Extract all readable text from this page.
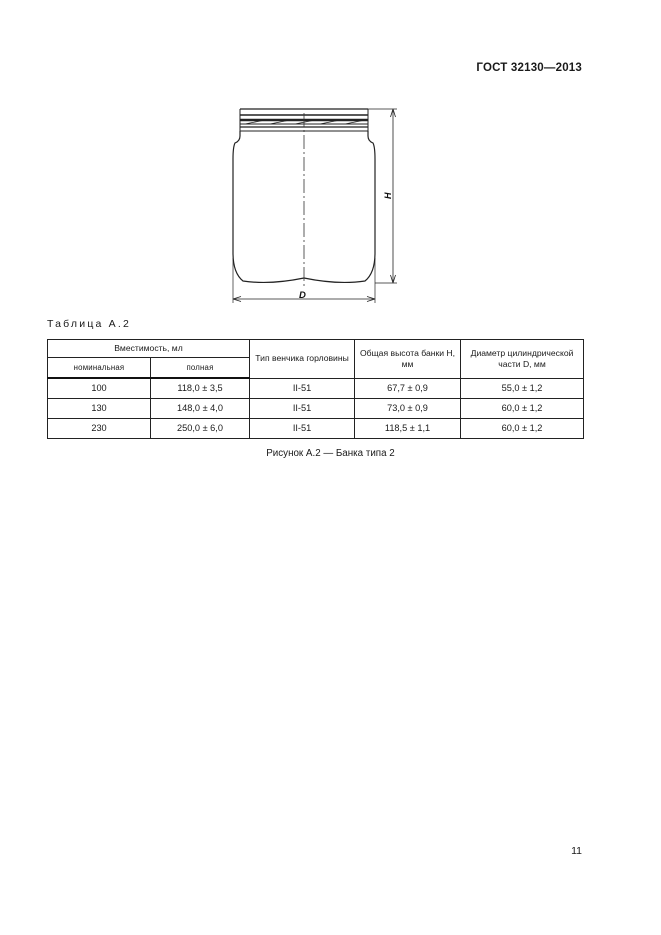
ГОСТ 32130—2013
H
D
Таблица А.2
Вместимость, мл		Тип венчика горловины	Общая высота банки H, мм	Диаметр цилиндрической части D, мм
номинальная	полная			
100	118,0 ± 3,5	II-51	67,7 ± 0,9	55,0 ± 1,2
130	148,0 ± 4,0	II-51	73,0 ± 0,9	60,0 ± 1,2
230	250,0 ± 6,0	II-51	118,5 ± 1,1	60,0 ± 1,2
Рисунок А.2 — Банка типа 2
11
